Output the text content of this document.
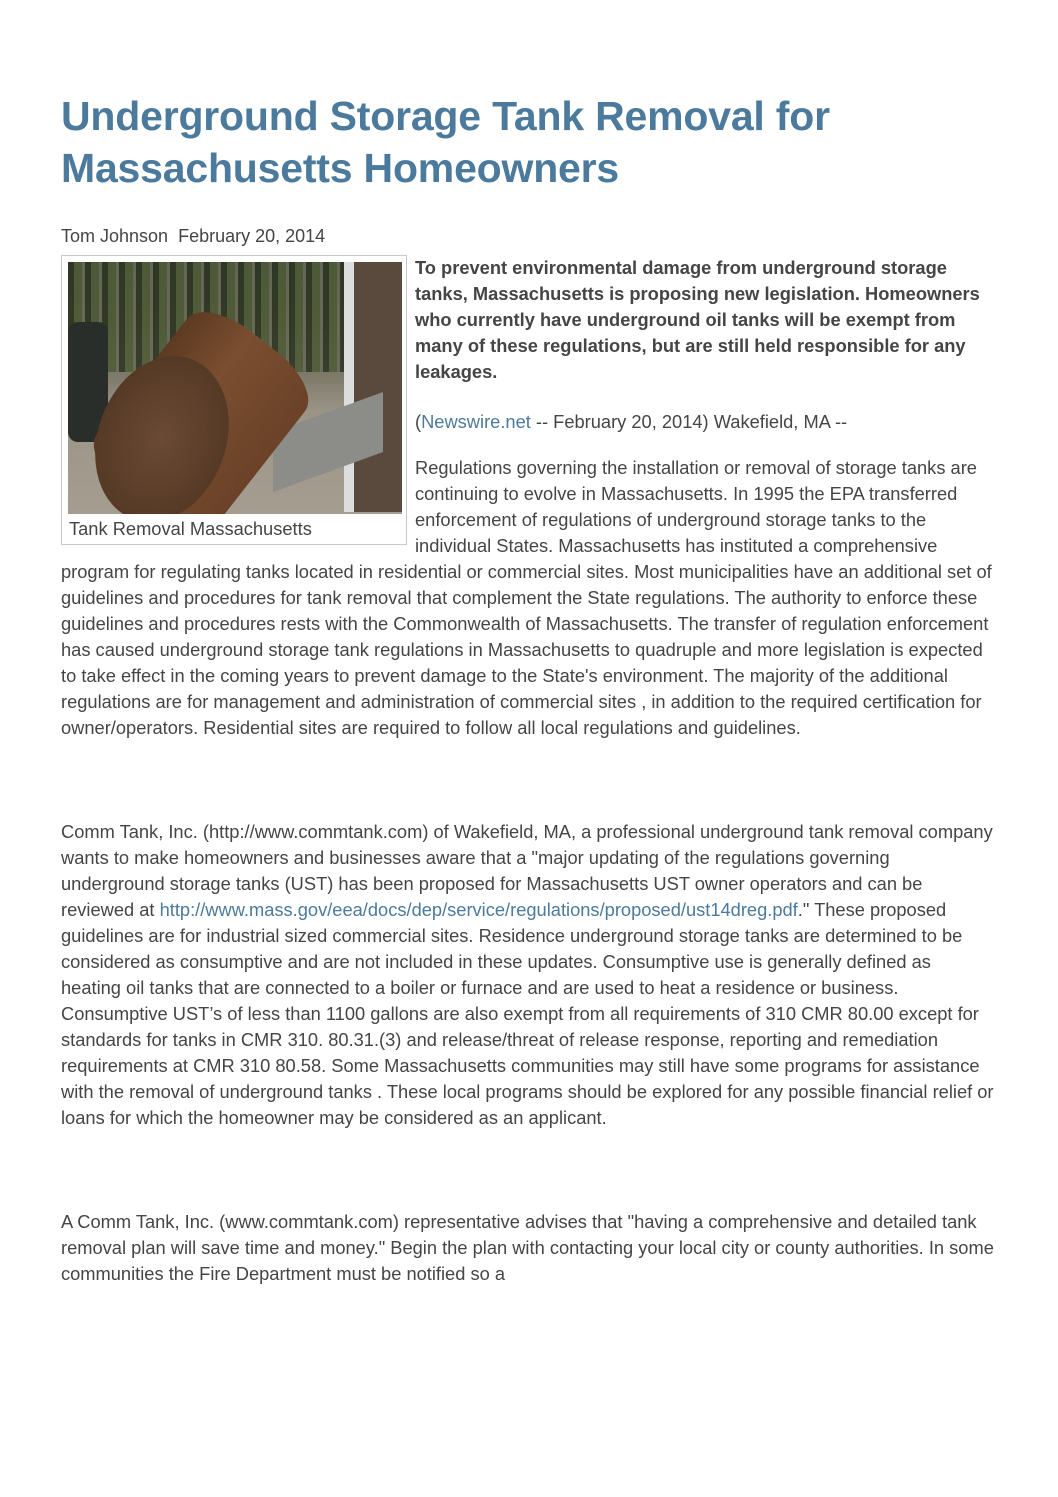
Underground Storage Tank Removal for Massachusetts Homeowners
Tom Johnson February 20, 2014
Tank Removal Massachusetts

To prevent environmental damage from underground storage tanks, Massachusetts is proposing new legislation. Homeowners who currently have underground oil tanks will be exempt from many of these regulations, but are still held responsible for any leakages.

(Newswire.net -- February 20, 2014) Wakefield, MA --

Regulations governing the installation or removal of storage tanks are continuing to evolve in Massachusetts. In 1995 the EPA transferred enforcement of regulations of underground storage tanks to the individual States. Massachusetts has instituted a comprehensive program for regulating tanks located in residential or commercial sites. Most municipalities have an additional set of guidelines and procedures for tank removal that complement the State regulations. The authority to enforce these guidelines and procedures rests with the Commonwealth of Massachusetts. The transfer of regulation enforcement has caused underground storage tank regulations in Massachusetts to quadruple and more legislation is expected to take effect in the coming years to prevent damage to the State's environment. The majority of the additional regulations are for management and administration of commercial sites , in addition to the required certification for owner/operators. Residential sites are required to follow all local regulations and guidelines.

Comm Tank, Inc. (http://www.commtank.com) of Wakefield, MA, a professional underground tank removal company wants to make homeowners and businesses aware that a "major updating of the regulations governing underground storage tanks (UST) has been proposed for Massachusetts UST owner operators and can be reviewed at http://www.mass.gov/eea/docs/dep/service/regulations/proposed/ust14dreg.pdf." These proposed guidelines are for industrial sized commercial sites. Residence underground storage tanks are determined to be considered as consumptive and are not included in these updates. Consumptive use is generally defined as heating oil tanks that are connected to a boiler or furnace and are used to heat a residence or business. Consumptive UST’s of less than 1100 gallons are also exempt from all requirements of 310 CMR 80.00 except for standards for tanks in CMR 310. 80.31.(3) and release/threat of release response, reporting and remediation requirements at CMR 310 80.58. Some Massachusetts communities may still have some programs for assistance with the removal of underground tanks . These local programs should be explored for any possible financial relief or loans for which the homeowner may be considered as an applicant.

A Comm Tank, Inc. (www.commtank.com) representative advises that "having a comprehensive and detailed tank removal plan will save time and money." Begin the plan with contacting your local city or county authorities. In some communities the Fire Department must be notified so a
